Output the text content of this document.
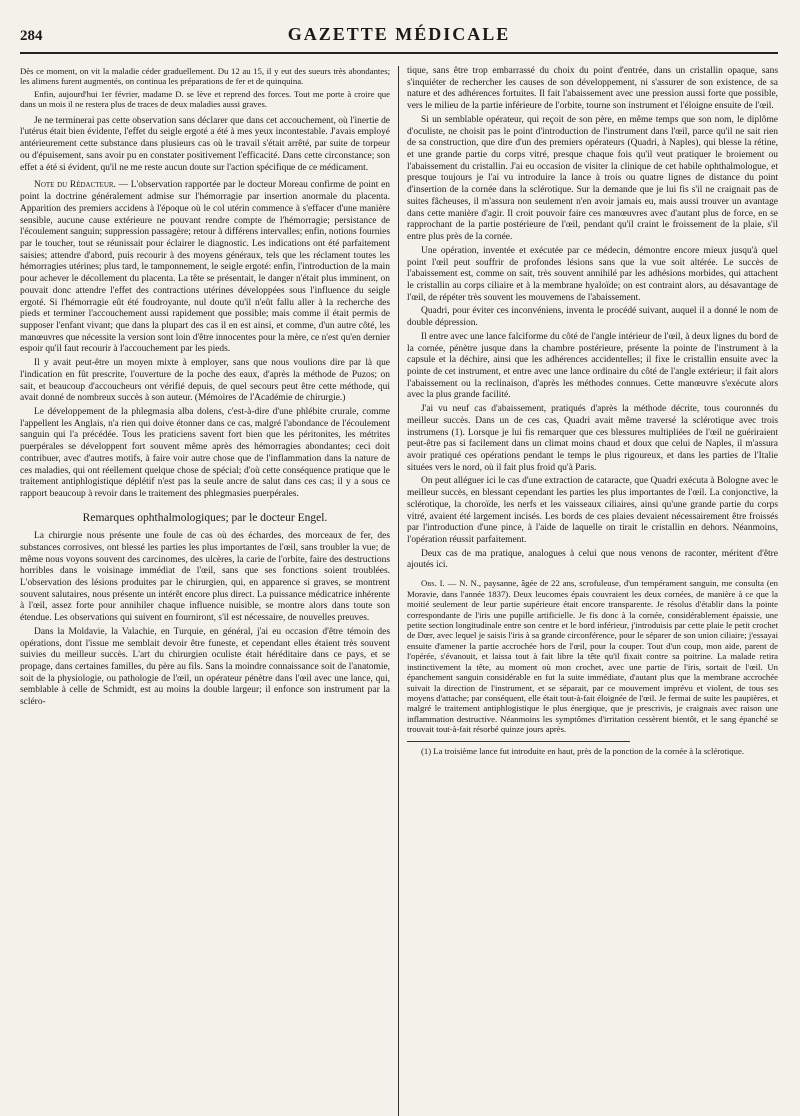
284	GAZETTE MÉDICALE

Dès ce moment, on vit la maladie céder graduellement. Du 12 au 15, il y eut des sueurs très abondantes; les alimens furent augmentés, on continua les préparations de fer et de quinquina.

Enfin, aujourd'hui 1er février, madame D. se lève et reprend des forces. Tout me porte à croire que dans un mois il ne restera plus de traces de deux maladies aussi graves.

Je ne terminerai pas cette observation sans déclarer que dans cet accouchement, où l'inertie de l'utérus était bien évidente, l'effet du seigle ergoté a été à mes yeux incontestable. J'avais employé antérieurement cette substance dans plusieurs cas où le travail s'était arrêté, par suite de torpeur ou d'épuisement, sans avoir pu en constater positivement l'efficacité. Dans cette circonstance; son effet a été si évident, qu'il ne me reste aucun doute sur l'action spécifique de ce médicament.

Note du Rédacteur. — L'observation rapportée par le docteur Moreau confirme de point en point la doctrine généralement admise sur l'hémorragie par insertion anormale du placenta. Apparition des premiers accidens à l'époque où le col utérin commence à s'effacer d'une manière sensible, aucune cause extérieure ne pouvant rendre compte de l'hémorragie; persistance de l'écoulement sanguin; suppression passagère; retour à différens intervalles; enfin, notions fournies par le toucher, tout se réunissait pour éclairer le diagnostic. Les indications ont été parfaitement saisies; attendre d'abord, puis recourir à des moyens généraux, tels que les réclament toutes les hémorragies utérines; plus tard, le tamponnement, le seigle ergoté: enfin, l'introduction de la main pour achever le décollement du placenta. La tête se présentait, le danger n'était plus imminent, on pouvait donc attendre l'effet des contractions utérines développées sous l'influence du seigle ergoté. Si l'hémorragie eût été foudroyante, nul doute qu'il n'eût fallu aller à la recherche des pieds et terminer l'accouchement aussi rapidement que possible; mais comme il était permis de supposer l'enfant vivant; que dans la plupart des cas il en est ainsi, et comme, d'un autre côté, les manœuvres que nécessite la version sont loin d'être innocentes pour la mère, ce n'est qu'en dernier espoir qu'il faut recourir à l'accouchement par les pieds.

Il y avait peut-être un moyen mixte à employer, sans que nous voulions dire par là que l'indication en fût prescrite, l'ouverture de la poche des eaux, d'après la méthode de Puzos; on sait, et beaucoup d'accoucheurs ont vérifié depuis, de quel secours peut être cette méthode, qui avait donné de nombreux succès à son auteur. (Mémoires de l'Académie de chirurgie.)

Le développement de la phlegmasia alba dolens, c'est-à-dire d'une phlébite crurale, comme l'appellent les Anglais, n'a rien qui doive étonner dans ce cas, malgré l'abondance de l'écoulement sanguin qui l'a précédée. Tous les praticiens savent fort bien que les péritonites, les métrites puerpérales se développent fort souvent même après des hémorragies abondantes; ceci doit contribuer, avec d'autres motifs, à faire voir autre chose que de l'inflammation dans la nature de ces maladies, qui ont réellement quelque chose de spécial; d'où cette conséquence pratique que le traitement antiphlogistique déplétif n'est pas la seule ancre de salut dans ces cas; il y a sous ce rapport beaucoup à revoir dans le traitement des phlegmasies puerpérales.

Remarques ophthalmologiques; par le docteur Engel.

La chirurgie nous présente une foule de cas où des échardes, des morceaux de fer, des substances corrosives, ont blessé les parties les plus importantes de l'œil, sans troubler la vue; de même nous voyons souvent des carcinomes, des ulcères, la carie de l'orbite, faire des destructions horribles dans le voisinage immédiat de l'œil, sans que ses fonctions soient troublées. L'observation des lésions produites par le chirurgien, qui, en apparence si graves, se montrent souvent salutaires, nous présente un intérêt encore plus direct. La puissance médicatrice inhérente à l'œil, assez forte pour annihiler chaque influence nuisible, se montre alors dans toute son étendue. Les observations qui suivent en fourniront, s'il est nécessaire, de nouvelles preuves.

Dans la Moldavie, la Valachie, en Turquie, en général, j'ai eu occasion d'être témoin des opérations, dont l'issue me semblait devoir être funeste, et cependant elles étaient très souvent suivies du meilleur succès. L'art du chirurgien oculiste était héréditaire dans ce pays, et se propage, dans certaines familles, du père au fils. Sans la moindre connaissance soit de l'anatomie, soit de la physiologie, ou pathologie de l'œil, un opérateur pénètre dans l'œil avec une lance, qui, semblable à celle de Schmidt, est au moins la double largeur; il enfonce son instrument par la scléro-

tique, sans être trop embarrassé du choix du point d'entrée, dans un cristallin opaque, sans s'inquiéter de rechercher les causes de son développement, ni s'assurer de son existence, de sa nature et des adhérences fortuites. Il fait l'abaissement avec une pression aussi forte que possible, vers le milieu de la partie inférieure de l'orbite, tourne son instrument et l'éloigne ensuite de l'œil.

Si un semblable opérateur, qui reçoit de son père, en même temps que son nom, le diplôme d'oculiste, ne choisit pas le point d'introduction de l'instrument dans l'œil, parce qu'il ne sait rien de sa construction, que dire d'un des premiers opérateurs (Quadri, à Naples), qui blesse la rétine, et une grande partie du corps vitré, presque chaque fois qu'il veut pratiquer le broiement ou l'abaissement du cristallin. J'ai eu occasion de visiter la clinique de cet habile ophthalmologue, et presque toujours je l'ai vu introduire la lance à trois ou quatre lignes de distance du point d'insertion de la cornée dans la sclérotique. Sur la demande que je lui fis s'il ne craignait pas de suites fâcheuses, il m'assura non seulement n'en avoir jamais eu, mais aussi trouver un avantage dans cette manière d'agir. Il croit pouvoir faire ces manœuvres avec d'autant plus de force, en se rapprochant de la partie postérieure de l'œil, pendant qu'il craint le froissement de la plaie, s'il entre plus près de la cornée.

Une opération, inventée et exécutée par ce médecin, démontre encore mieux jusqu'à quel point l'œil peut souffrir de profondes lésions sans que la vue soit altérée. Le succès de l'abaissement est, comme on sait, très souvent annihilé par les adhésions morbides, qui attachent le cristallin au corps ciliaire et à la membrane hyaloïde; on est contraint alors, au désavantage de l'œil, de répéter très souvent les mouvemens de l'abaissement.

Quadri, pour éviter ces inconvéniens, inventa le procédé suivant, auquel il a donné le nom de double dépression.

Il entre avec une lance falciforme du côté de l'angle intérieur de l'œil, à deux lignes du bord de la cornée, pénètre jusque dans la chambre postérieure, présente la pointe de l'instrument à la capsule et la déchire, ainsi que les adhérences accidentelles; il fixe le cristallin ensuite avec la pointe de cet instrument, et entre avec une lance ordinaire du côté de l'angle extérieur; il fait alors l'abaissement ou la reclinaison, d'après les méthodes connues. Cette manœuvre s'exécute alors avec la plus grande facilité.

J'ai vu neuf cas d'abaissement, pratiqués d'après la méthode décrite, tous couronnés du meilleur succès. Dans un de ces cas, Quadri avait même traversé la sclérotique avec trois instrumens (1). Lorsque je lui fis remarquer que ces blessures multipliées de l'œil ne guériraient peut-être pas si facilement dans un climat moins chaud et doux que celui de Naples, il m'assura avoir pratiqué ces opérations pendant le temps le plus rigoureux, et dans les parties de l'Italie situées vers le nord, où il fait plus froid qu'à Paris.

On peut alléguer ici le cas d'une extraction de cataracte, que Quadri exécuta à Bologne avec le meilleur succès, en blessant cependant les parties les plus importantes de l'œil. La conjonctive, la sclérotique, la choroïde, les nerfs et les vaisseaux ciliaires, ainsi qu'une grande partie du corps vitré, avaient été largement incisés. Les bords de ces plaies devaient nécessairement être froissés par l'introduction d'une pince, à l'aide de laquelle on tirait le cristallin en dehors. Néanmoins, l'opération réussit parfaitement.

Deux cas de ma pratique, analogues à celui que nous venons de raconter, méritent d'être ajoutés ici.

Obs. I. — N. N., paysanne, âgée de 22 ans, scrofuleuse, d'un tempérament sanguin, me consulta (en Moravie, dans l'année 1837). Deux leucomes épais couvraient les deux cornées, de manière à ce que la moitié seulement de leur partie supérieure était encore transparente. Je résolus d'établir dans la pointe correspondante de l'iris une pupille artificielle. Je fis donc à la cornée, considérablement épaissie, une petite section longitudinale entre son centre et le bord inférieur, j'introduisis par cette plaie le petit crochet de Dœr, avec lequel je saisis l'iris à sa grande circonférence, pour le séparer de son union ciliaire; j'essayai ensuite d'amener la partie accrochée hors de l'œil, pour la couper. Tout d'un coup, mon aide, parent de l'opérée, s'évanouit, et laissa tout à fait libre la tête qu'il fixait contre sa poitrine. La malade retira instinctivement la tête, au moment où mon crochet, avec une partie de l'iris, sortait de l'œil. Un épanchement sanguin considérable en fut la suite immédiate, d'autant plus que la membrane accrochée suivait la direction de l'instrument, et se séparait, par ce mouvement imprévu et violent, de tous ses moyens d'attache; par conséquent, elle était tout-à-fait éloignée de l'œil. Je fermai de suite les paupières, et malgré le traitement antiphlogistique le plus énergique, que je prescrivis, je craignais avec raison une inflammation destructive. Néanmoins les symptômes d'irritation cessèrent bientôt, et le sang épanché se trouvait tout-à-fait résorbé quinze jours après.

(1) La troisième lance fut introduite en haut, près de la ponction de la cornée à la sclérotique.
